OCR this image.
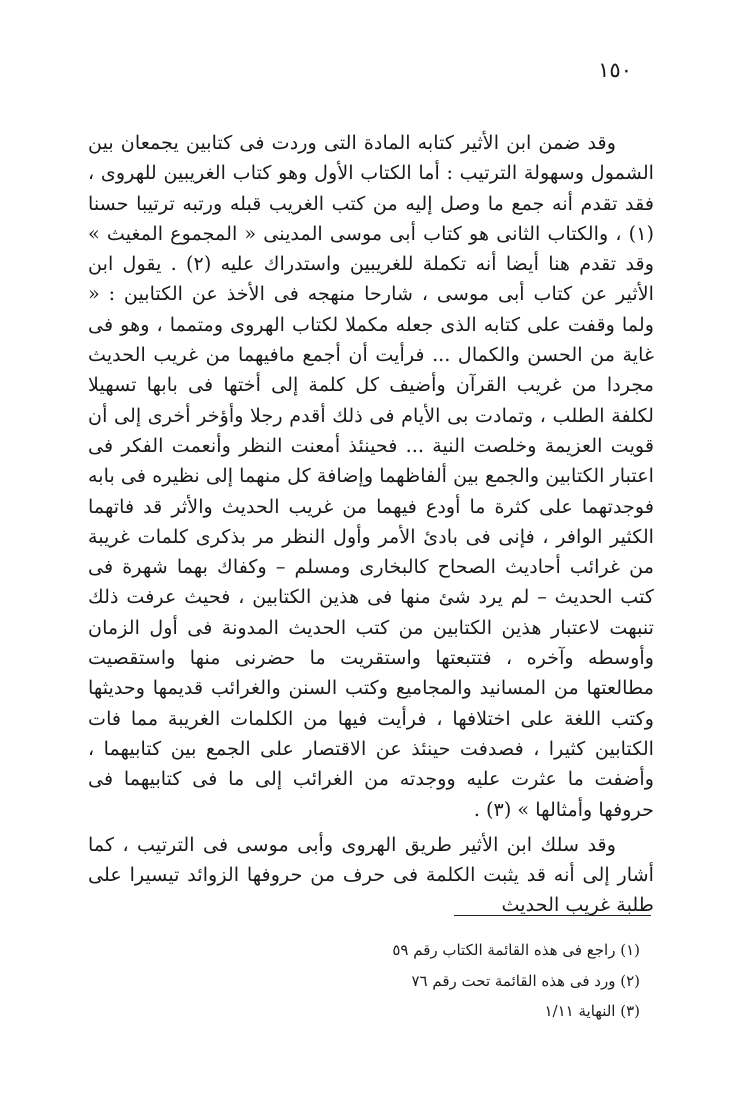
١٥٠

وقد ضمن ابن الأثير كتابه المادة التى وردت فى كتابين يجمعان بين الشمول وسهولة الترتيب : أما الكتاب الأول وهو كتاب الغريبين للهروى ، فقد تقدم أنه جمع ما وصل إليه من كتب الغريب قبله ورتبه ترتيبا حسنا (١) ، والكتاب الثانى هو كتاب أبى موسى المدينى « المجموع المغيث » وقد تقدم هنا أيضا أنه تكملة للغريبين واستدراك عليه (٢) . يقول ابن الأثير عن كتاب أبى موسى ، شارحا منهجه فى الأخذ عن الكتابين : « ولما وقفت على كتابه الذى جعله مكملا لكتاب الهروى ومتمما ، وهو فى غاية من الحسن والكمال ... فرأيت أن أجمع مافيهما من غريب الحديث مجردا من غريب القرآن وأضيف كل كلمة إلى أختها فى بابها تسهيلا لكلفة الطلب ، وتمادت بى الأيام فى ذلك أقدم رجلا وأؤخر أخرى إلى أن قويت العزيمة وخلصت النية ... فحينئذ أمعنت النظر وأنعمت الفكر فى اعتبار الكتابين والجمع بين ألفاظهما وإضافة كل منهما إلى نظيره فى بابه فوجدتهما على كثرة ما أودع فيهما من غريب الحديث والأثر قد فاتهما الكثير الوافر ، فإنى فى بادئ الأمر وأول النظر مر بذكرى كلمات غريبة من غرائب أحاديث الصحاح كالبخارى ومسلم – وكفاك بهما شهرة فى كتب الحديث – لم يرد شئ منها فى هذين الكتابين ، فحيث عرفت ذلك تنبهت لاعتبار هذين الكتابين من كتب الحديث المدونة فى أول الزمان وأوسطه وآخره ، فتتبعتها واستقريت ما حضرنى منها واستقصيت مطالعتها من المسانيد والمجاميع وكتب السنن والغرائب قديمها وحديثها وكتب اللغة على اختلافها ، فرأيت فيها من الكلمات الغريبة مما فات الكتابين كثيرا ، فصدفت حينئذ عن الاقتصار على الجمع بين كتابيهما ، وأضفت ما عثرت عليه ووجدته من الغرائب إلى ما فى كتابيهما فى حروفها وأمثالها » (٣) .

وقد سلك ابن الأثير طريق الهروى وأبى موسى فى الترتيب ، كما أشار إلى أنه قد يثبت الكلمة فى حرف من حروفها الزوائد تيسيرا على طلبة غريب الحديث

(١) راجع فى هذه القائمة الكتاب رقم ٥٩

(٢) ورد فى هذه القائمة تحت رقم ٧٦

(٣) النهاية ١/١١
